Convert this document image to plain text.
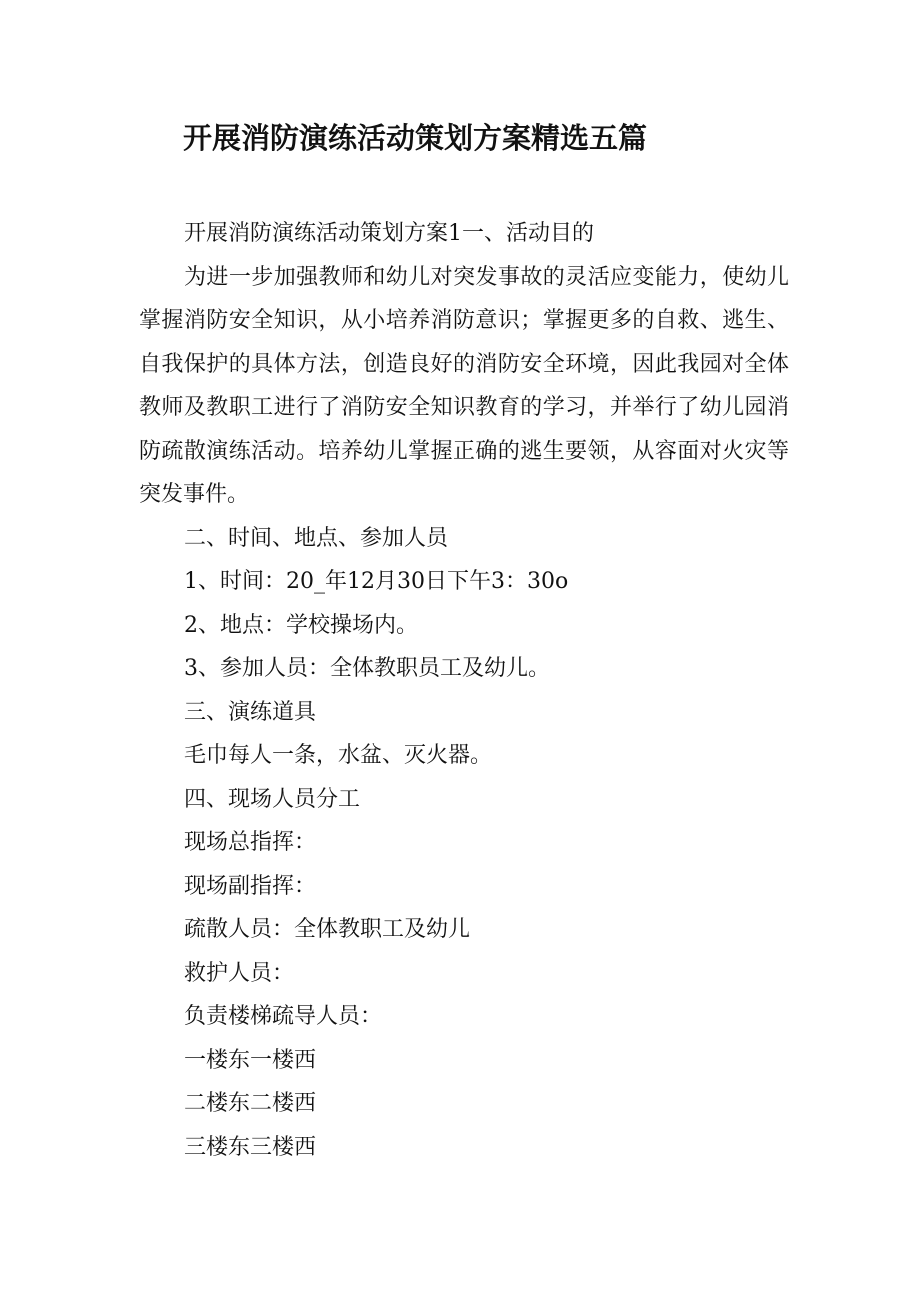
开展消防演练活动策划方案精选五篇

开展消防演练活动策划方案1一、活动目的

为进一步加强教师和幼儿对突发事故的灵活应变能力，使幼儿掌握消防安全知识，从小培养消防意识；掌握更多的自救、逃生、自我保护的具体方法，创造良好的消防安全环境，因此我园对全体教师及教职工进行了消防安全知识教育的学习，并举行了幼儿园消防疏散演练活动。培养幼儿掌握正确的逃生要领，从容面对火灾等突发事件。

二、时间、地点、参加人员

1、时间：20_年12月30日下午3：30o

2、地点：学校操场内。

3、参加人员：全体教职员工及幼儿。

三、演练道具

毛巾每人一条，水盆、灭火器。

四、现场人员分工

现场总指挥：

现场副指挥：

疏散人员：全体教职工及幼儿

救护人员：

负责楼梯疏导人员：

一楼东一楼西

二楼东二楼西

三楼东三楼西
